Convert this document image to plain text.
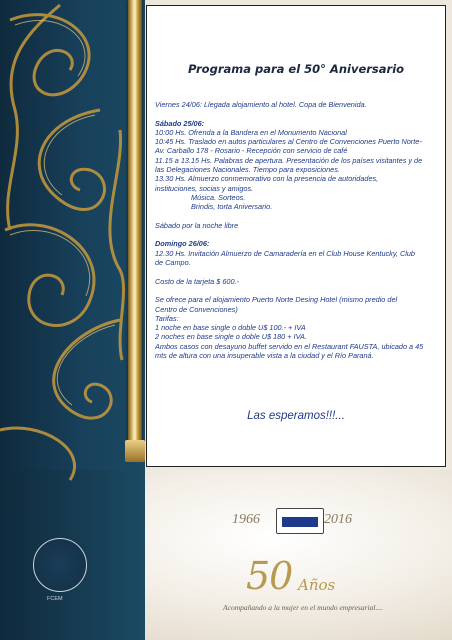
Programa para el 50° Aniversario

Viernes 24/06: Llegada alojamiento al hotel. Copa de Bienvenida.

Sábado 25/06:

10:00 Hs. Ofrenda a la Bandera en el Monumento Nacional

10:45 Hs. Traslado en autos particulares al Centro de Convenciones Puerto Norte-

Av. Carballo 178 - Rosario - Recepción con servicio de café

11.15 a 13.15 Hs. Palabras de apertura. Presentación de los países visitantes y de

las Delegaciones Nacionales. Tiempo para exposiciones.

13.30 Hs. Almuerzo conmemorativo con la presencia de autoridades,

instituciones, socias y amigos.

Música. Sorteos.

Brindis, torta Aniversario.

Sábado por la noche libre

Domingo 26/06:

12.30 Hs. Invitación Almuerzo de Camaradería en el Club House Kentucky, Club

de Campo.

Costo de la tarjeta $ 600.-

Se ofrece para el alojamiento Puerto Norte Desing Hotel (mismo predio del

Centro de Convenciones)

Tarifas:

1 noche en base single o doble U$ 100.- + IVA

2 noches en base single o doble U$ 180 + IVA.

Ambos casos con desayuno buffet servido en el Restaurant FAUSTA, ubicado a 45

mts de altura con una insuperable vista a la ciudad y el Río Paraná.

Las esperamos!!!...
1966	2016
50 Años
Acompañando a la mujer en el mundo empresarial....
FCEM
